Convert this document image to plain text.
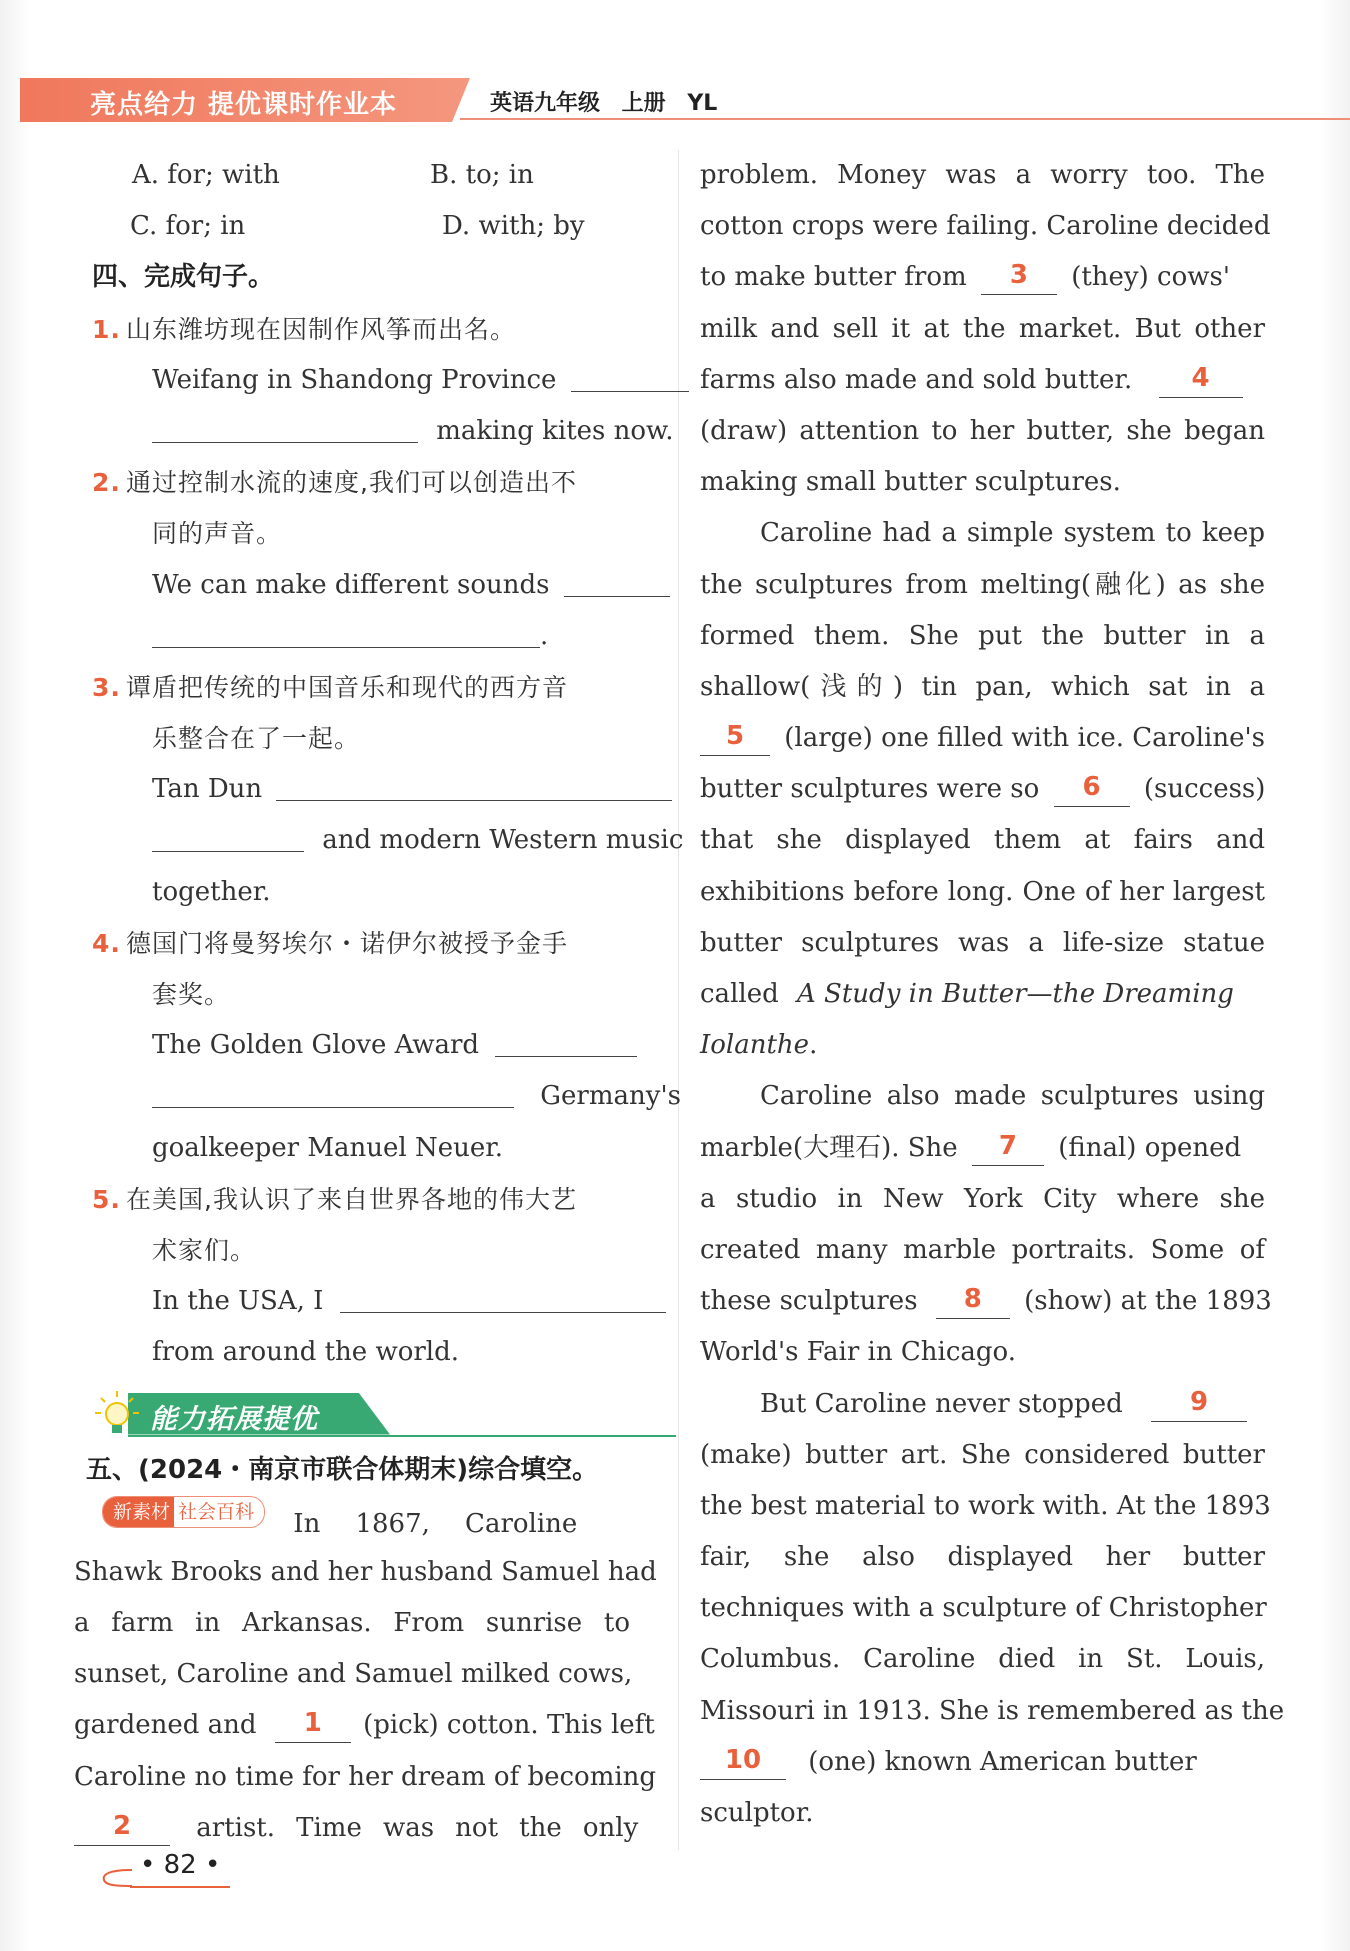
亮点给力 提优课时作业本	英语九年级 上册 YL
A. for; with	B. to; in
C. for; in	D. with; by
四、完成句子。
1. 山东潍坊现在因制作风筝而出名。
Weifang in Shandong Province
making kites now.
2. 通过控制水流的速度,我们可以创造出不
同的声音。
We can make different sounds
.
3. 谭盾把传统的中国音乐和现代的西方音
乐整合在了一起。
Tan Dun
and modern Western music
together.
4. 德国门将曼努埃尔・诺伊尔被授予金手
套奖。
The Golden Glove Award
Germany's
goalkeeper Manuel Neuer.
5. 在美国,我认识了来自世界各地的伟大艺
术家们。
In the USA, I
from around the world.
能力拓展提优
五、(2024・南京市联合体期末)综合填空。
新素材 社会百科 In 1867, Caroline
Shawk Brooks and her husband Samuel had
a farm in Arkansas. From sunrise to
sunset, Caroline and Samuel milked cows,
gardened and 1 (pick) cotton. This left
Caroline no time for her dream of becoming
2	artist. Time was not the only
problem. Money was a worry too. The
cotton crops were failing. Caroline decided
to make butter from 3 (they) cows'
milk and sell it at the market. But other
farms also made and sold butter. 4
(draw) attention to her butter, she began
making small butter sculptures.
Caroline had a simple system to keep
the sculptures from melting(融化) as she
formed them. She put the butter in a
shallow(浅的) tin pan, which sat in a
5 (large) one filled with ice. Caroline's
butter sculptures were so 6 (success)
that she displayed them at fairs and
exhibitions before long. One of her largest
butter sculptures was a life-size statue
called A Study in Butter—the Dreaming
Iolanthe.
Caroline also made sculptures using
marble(大理石). She 7 (final) opened
a studio in New York City where she
created many marble portraits. Some of
these sculptures 8 (show) at the 1893
World's Fair in Chicago.
But Caroline never stopped	9
(make) butter art. She considered butter
the best material to work with. At the 1893
fair, she also displayed her butter
techniques with a sculpture of Christopher
Columbus. Caroline died in St. Louis,
Missouri in 1913. She is remembered as the
10 (one) known American butter
sculptor.
• 82 •
